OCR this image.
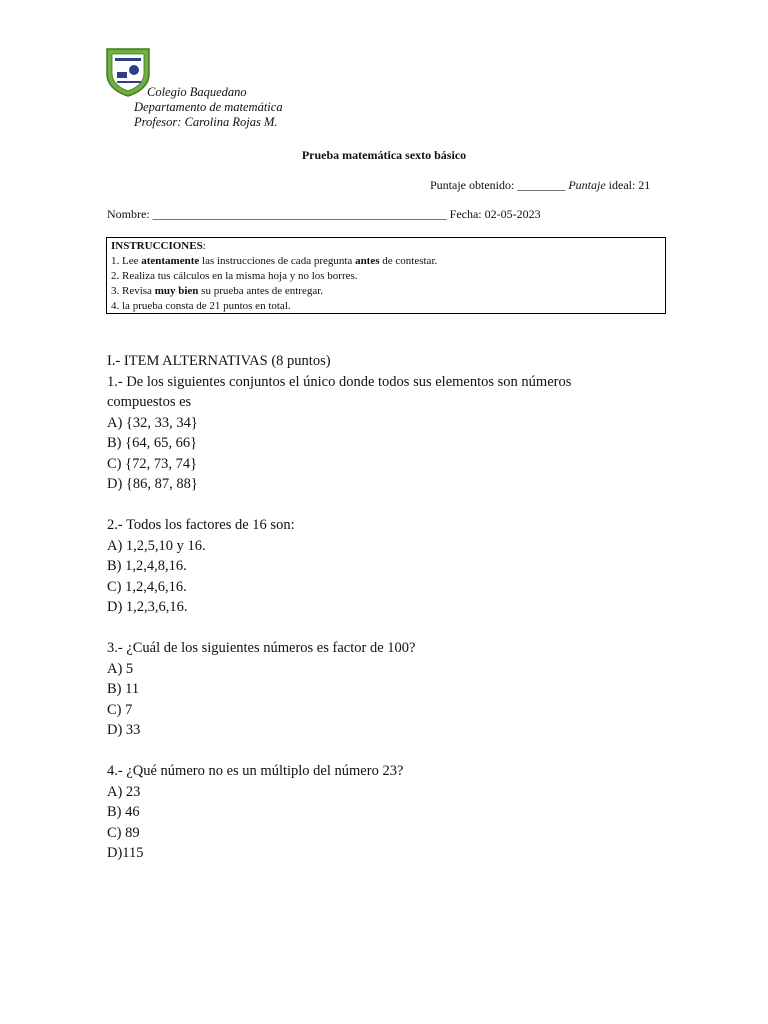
Colegio Baquedano
Departamento de matemática
Profesor: Carolina Rojas M.
Prueba matemática sexto básico
Puntaje obtenido: ________ Puntaje ideal: 21
Nombre: _________________________________________________ Fecha: 02-05-2023
INSTRUCCIONES:
1. Lee atentamente las instrucciones de cada pregunta antes de contestar.
2. Realiza tus cálculos en la misma hoja y no los borres.
3. Revisa muy bien su prueba antes de entregar.
4. la prueba consta de 21 puntos en total.
I.- ITEM ALTERNATIVAS (8 puntos)
1.- De los siguientes conjuntos el único donde todos sus elementos son números compuestos es
A) {32, 33, 34}
B) {64, 65, 66}
C) {72, 73, 74}
D) {86, 87, 88}
2.- Todos los factores de 16 son:
A) 1,2,5,10 y 16.
B) 1,2,4,8,16.
C) 1,2,4,6,16.
D) 1,2,3,6,16.
3.- ¿Cuál de los siguientes números es factor de 100?
A) 5
B) 11
C) 7
D) 33
4.- ¿Qué número no es un múltiplo del número 23?
A) 23
B) 46
C) 89
D)115
